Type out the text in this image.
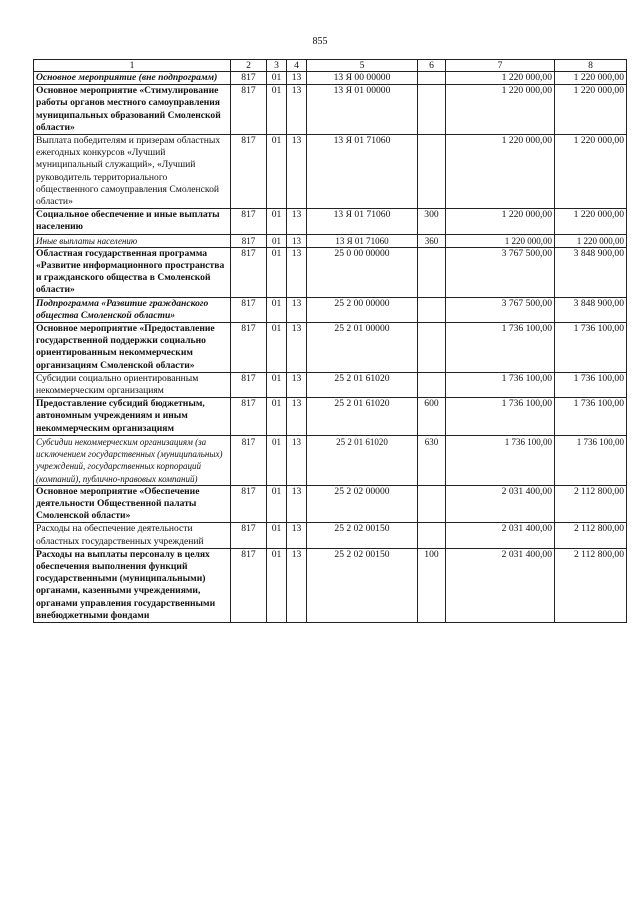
855
1	2	3	4	5	6	7	8
Основное мероприятие (вне подпрограмм)	817	01	13	13 Я 00 00000		1 220 000,00	1 220 000,00
Основное мероприятие «Стимулирование работы органов местного самоуправления муниципальных образований Смоленской области»	817	01	13	13 Я 01 00000		1 220 000,00	1 220 000,00
Выплата победителям и призерам областных ежегодных конкурсов «Лучший муниципальный служащий», «Лучший руководитель территориального общественного самоуправления Смоленской области»	817	01	13	13 Я 01 71060		1 220 000,00	1 220 000,00
Социальное обеспечение и иные выплаты населению	817	01	13	13 Я 01 71060	300	1 220 000,00	1 220 000,00
Иные выплаты населению	817	01	13	13 Я 01 71060	360	1 220 000,00	1 220 000,00
Областная государственная программа «Развитие информационного пространства и гражданского общества в Смоленской области»	817	01	13	25 0 00 00000		3 767 500,00	3 848 900,00
Подпрограмма «Развитие гражданского общества Смоленской области»	817	01	13	25 2 00 00000		3 767 500,00	3 848 900,00
Основное мероприятие «Предоставление государственной поддержки социально ориентированным некоммерческим организациям Смоленской области»	817	01	13	25 2 01 00000		1 736 100,00	1 736 100,00
Субсидии социально ориентированным некоммерческим организациям	817	01	13	25 2 01 61020		1 736 100,00	1 736 100,00
Предоставление субсидий бюджетным, автономным учреждениям и иным некоммерческим организациям	817	01	13	25 2 01 61020	600	1 736 100,00	1 736 100,00
Субсидии некоммерческим организациям (за исключением государственных (муниципальных) учреждений, государственных корпораций (компаний), публично-правовых компаний)	817	01	13	25 2 01 61020	630	1 736 100,00	1 736 100,00
Основное мероприятие «Обеспечение деятельности Общественной палаты Смоленской области»	817	01	13	25 2 02 00000		2 031 400,00	2 112 800,00
Расходы на обеспечение деятельности областных государственных учреждений	817	01	13	25 2 02 00150		2 031 400,00	2 112 800,00
Расходы на выплаты персоналу в целях обеспечения выполнения функций государственными (муниципальными) органами, казенными учреждениями, органами управления государственными внебюджетными фондами	817	01	13	25 2 02 00150	100	2 031 400,00	2 112 800,00
